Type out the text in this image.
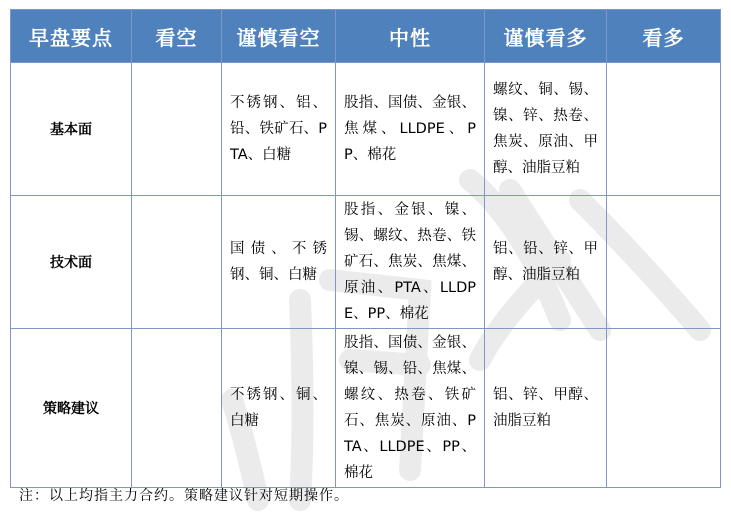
早盘要点	看空	谨慎看空	中性	谨慎看多	看多
基本面		不锈钢、铝、铅、铁矿石、PTA、白糖	股指、国债、金银、焦煤、LLDPE、PP、棉花	螺纹、铜、锡、镍、锌、热卷、焦炭、原油、甲醇、油脂豆粕	
技术面		国债、不锈钢、铜、白糖	股指、金银、镍、锡、螺纹、热卷、铁矿石、焦炭、焦煤、原油、PTA、LLDPE、PP、棉花	铝、铅、锌、甲醇、油脂豆粕	
策略建议		不锈钢、铜、白糖	股指、国债、金银、镍、锡、铅、焦煤、螺纹、热卷、铁矿石、焦炭、原油、PTA、LLDPE、PP、棉花	铝、锌、甲醇、油脂豆粕	
注：以上均指主力合约。策略建议针对短期操作。
